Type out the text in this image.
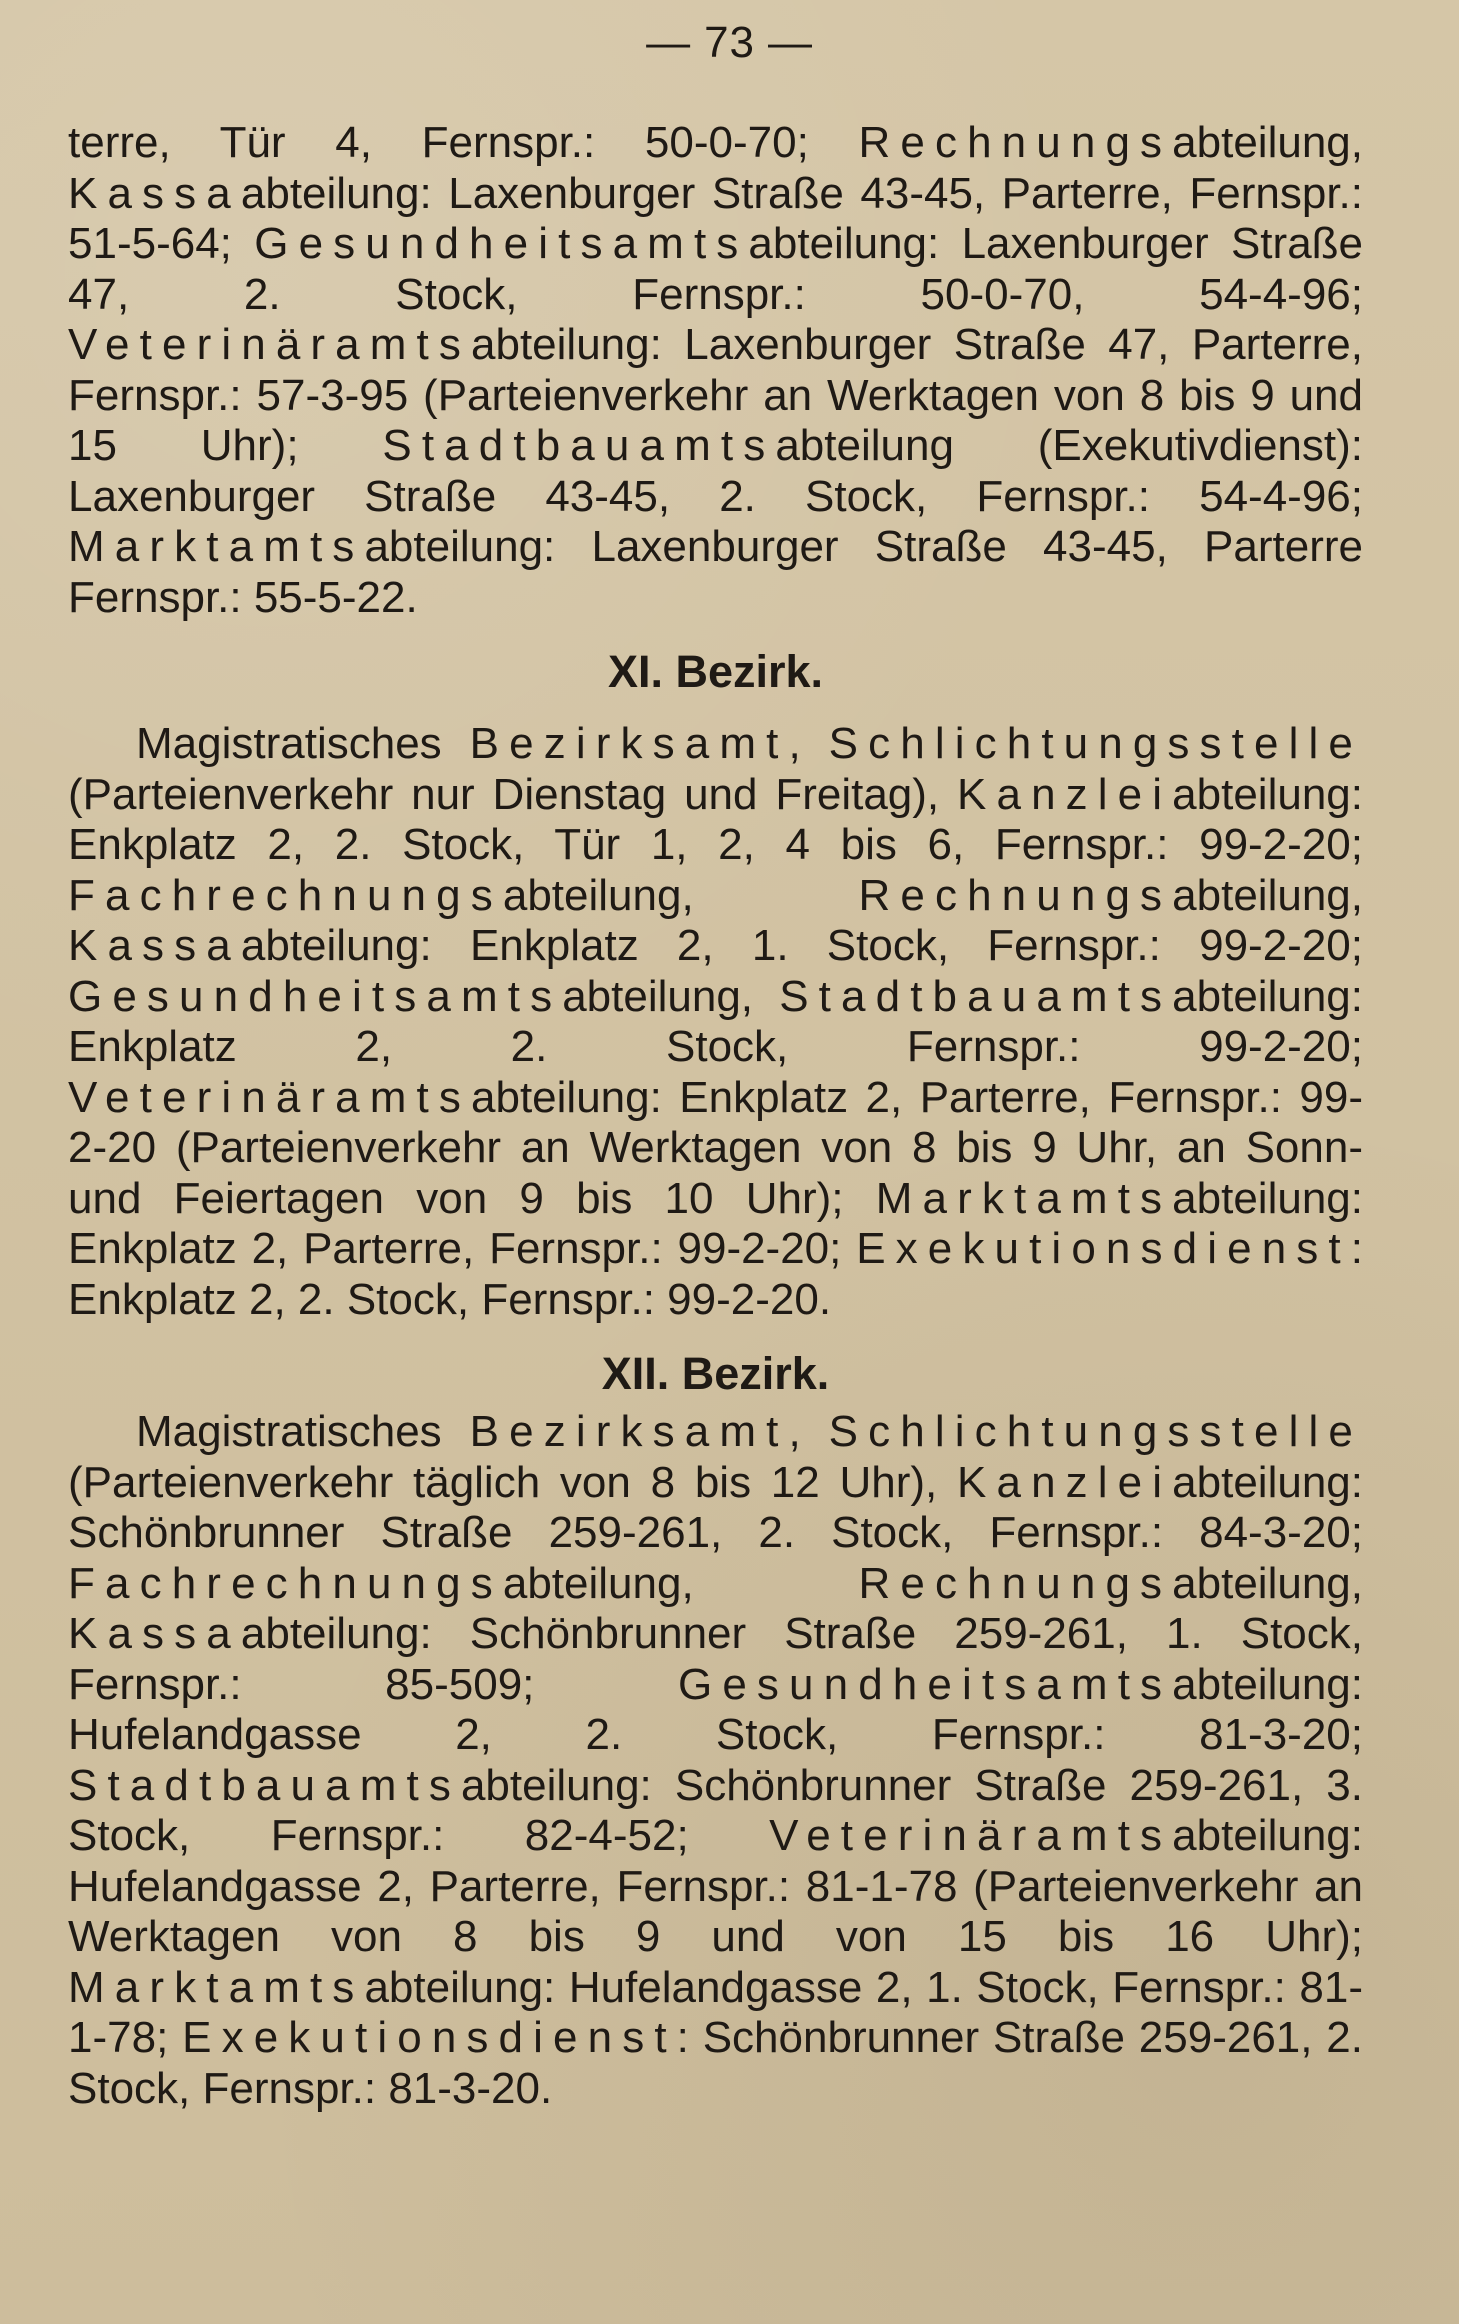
— 73 —

terre, Tür 4, Fernspr.: 50-0-70; Rechnungsabteilung, Kassaabteilung: Laxenburger Straße 43-45, Parterre, Fernspr.: 51-5-64; Gesundheitsamtsabteilung: Laxenburger Straße 47, 2. Stock, Fernspr.: 50-0-70, 54-4-96; Veterinäramtsabteilung: Laxenburger Straße 47, Parterre, Fernspr.: 57-3-95 (Parteienverkehr an Werktagen von 8 bis 9 und 15 Uhr); Stadtbauamtsabteilung (Exekutivdienst): Laxenburger Straße 43-45, 2. Stock, Fernspr.: 54-4-96; Marktamtsabteilung: Laxenburger Straße 43-45, Parterre Fernspr.: 55-5-22.

XI. Bezirk.

Magistratisches Bezirksamt, Schlichtungsstelle (Parteienverkehr nur Dienstag und Freitag), Kanzleiabteilung: Enkplatz 2, 2. Stock, Tür 1, 2, 4 bis 6, Fernspr.: 99-2-20; Fachrechnungsabteilung, Rechnungsabteilung, Kassaabteilung: Enkplatz 2, 1. Stock, Fernspr.: 99-2-20; Gesundheitsamtsabteilung, Stadtbauamtsabteilung: Enkplatz 2, 2. Stock, Fernspr.: 99-2-20; Veterinäramtsabteilung: Enkplatz 2, Parterre, Fernspr.: 99-2-20 (Parteienverkehr an Werktagen von 8 bis 9 Uhr, an Sonn- und Feiertagen von 9 bis 10 Uhr); Marktamtsabteilung: Enkplatz 2, Parterre, Fernspr.: 99-2-20; Exekutionsdienst: Enkplatz 2, 2. Stock, Fernspr.: 99-2-20.

XII. Bezirk.

Magistratisches Bezirksamt, Schlichtungsstelle (Parteienverkehr täglich von 8 bis 12 Uhr), Kanzleiabteilung: Schönbrunner Straße 259-261, 2. Stock, Fernspr.: 84-3-20; Fachrechnungsabteilung, Rechnungsabteilung, Kassaabteilung: Schönbrunner Straße 259-261, 1. Stock, Fernspr.: 85-509; Gesundheitsamtsabteilung: Hufelandgasse 2, 2. Stock, Fernspr.: 81-3-20; Stadtbauamtsabteilung: Schönbrunner Straße 259-261, 3. Stock, Fernspr.: 82-4-52; Veterinäramtsabteilung: Hufelandgasse 2, Parterre, Fernspr.: 81-1-78 (Parteienverkehr an Werktagen von 8 bis 9 und von 15 bis 16 Uhr); Marktamtsabteilung: Hufelandgasse 2, 1. Stock, Fernspr.: 81-1-78; Exekutionsdienst: Schönbrunner Straße 259-261, 2. Stock, Fernspr.: 81-3-20.
